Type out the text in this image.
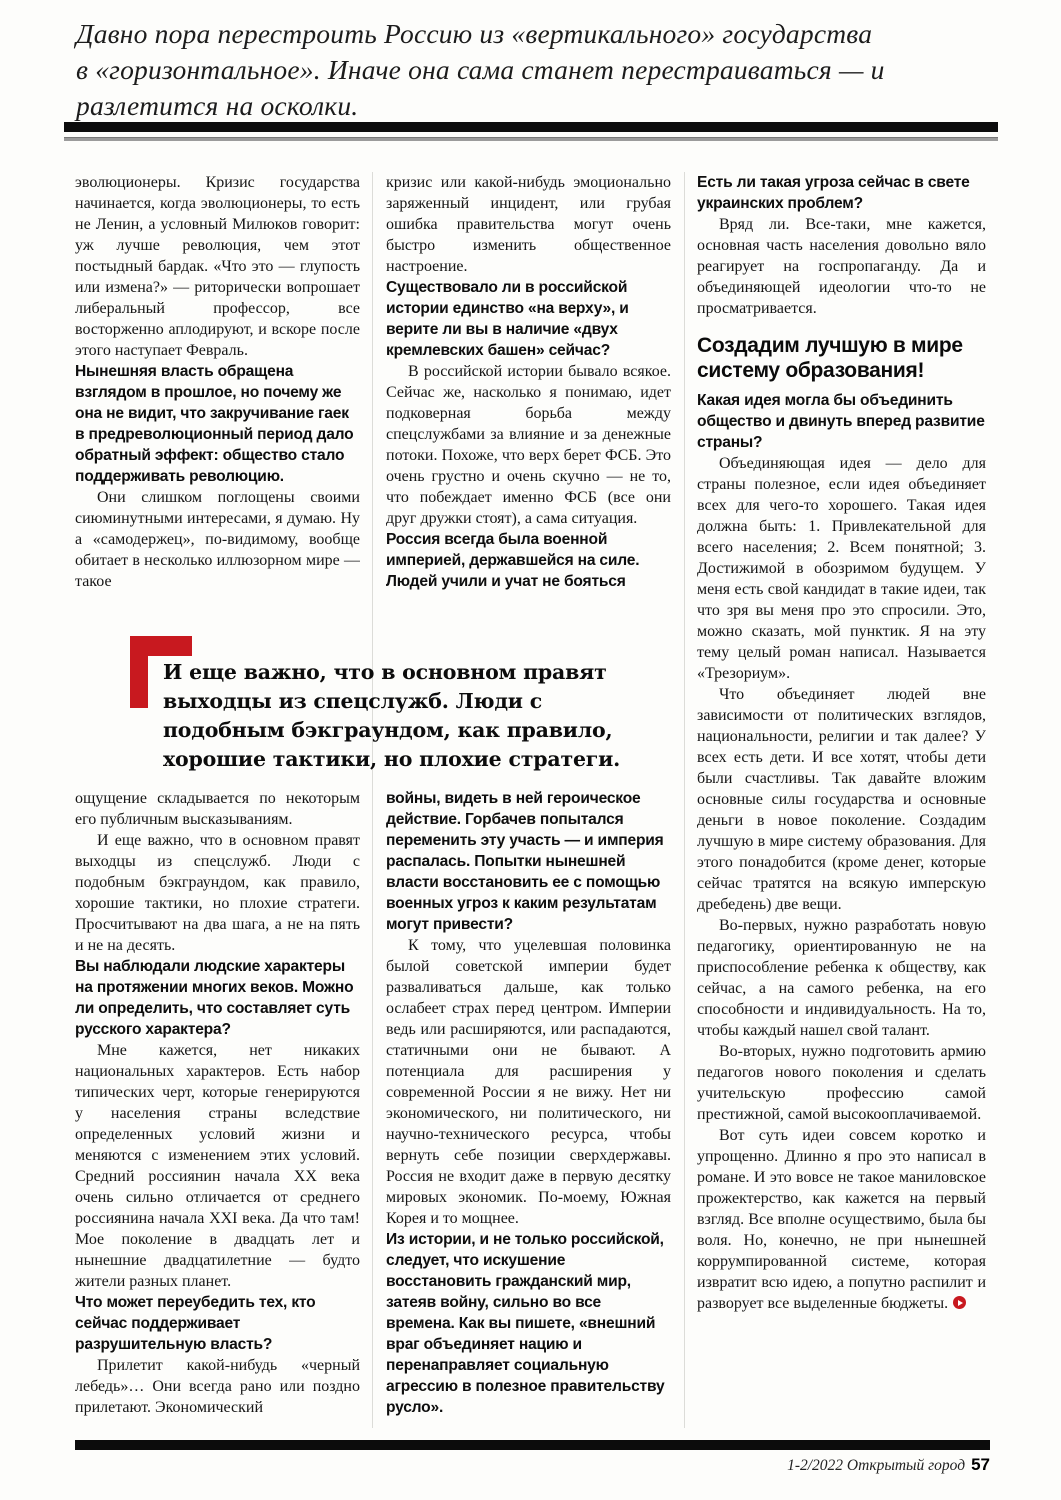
Давно пора перестроить Россию из «вертикального» государства
в «горизонтальное». Иначе она сама станет перестраиваться — и
разлетится на осколки.

эволюционеры. Кризис государства начинается, когда эволюционеры, то есть не Ленин, а условный Милюков говорит: уж лучше революция, чем этот постыдный бардак. «Что это — глупость или измена?» — риторически вопрошает либеральный профессор, все восторженно аплодируют, и вскоре после этого наступает Февраль.

Нынешняя власть обращена взглядом в прошлое, но почему же она не видит, что закручивание гаек в предреволюционный период дало обратный эффект: общество стало поддерживать революцию.

Они слишком поглощены своими сиюминутными интересами, я думаю. Ну а «самодержец», по-видимому, вообще обитает в несколько иллюзорном мире — такое

кризис или какой-нибудь эмоционально заряженный инцидент, или грубая ошибка правительства могут очень быстро изменить общественное настроение.

Существовало ли в российской истории единство «на верху», и верите ли вы в наличие «двух кремлевских башен» сейчас?

В российской истории бывало всякое. Сейчас же, насколько я понимаю, идет подковерная борьба между спецслужбами за влияние и за денежные потоки. Похоже, что верх берет ФСБ. Это очень грустно и очень скучно — не то, что побеждает именно ФСБ (все они друг дружки стоят), а сама ситуация.

Россия всегда была военной империей, державшейся на силе. Людей учили и учат не бояться

И еще важно, что в основном правят выходцы из спецслужб. Люди с подобным бэкграундом, как правило, хорошие тактики, но плохие стратеги.

ощущение складывается по некоторым его публичным высказываниям.

И еще важно, что в основном правят выходцы из спецслужб. Люди с подобным бэкграундом, как правило, хорошие тактики, но плохие стратеги. Просчитывают на два шага, а не на пять и не на десять.

Вы наблюдали людские характеры на протяжении многих веков. Можно ли определить, что составляет суть русского характера?

Мне кажется, нет никаких национальных характеров. Есть набор типических черт, которые генерируются у населения страны вследствие определенных условий жизни и меняются с изменением этих условий. Средний россиянин начала XX века очень сильно отличается от среднего россиянина начала XXI века. Да что там! Мое поколение в двадцать лет и нынешние двадцатилетние — будто жители разных планет.

Что может переубедить тех, кто сейчас поддерживает разрушительную власть?

Прилетит какой-нибудь «черный лебедь»… Они всегда рано или поздно прилетают. Экономический

войны, видеть в ней героическое действие. Горбачев попытался переменить эту участь — и империя распалась. Попытки нынешней власти восстановить ее с помощью военных угроз к каким результатам могут привести?

К тому, что уцелевшая половинка былой советской империи будет разваливаться дальше, как только ослабеет страх перед центром. Империи ведь или расширяются, или распадаются, статичными они не бывают. А потенциала для расширения у современной России я не вижу. Нет ни экономического, ни политического, ни научно-технического ресурса, чтобы вернуть себе позиции сверхдержавы. Россия не входит даже в первую десятку мировых экономик. По-моему, Южная Корея и то мощнее.

Из истории, и не только российской, следует, что искушение восстановить гражданский мир, затеяв войну, сильно во все времена. Как вы пишете, «внешний враг объединяет нацию и перенаправляет социальную агрессию в полезное правительству русло».

Есть ли такая угроза сейчас в свете украинских проблем?

Вряд ли. Все-таки, мне кажется, основная часть населения довольно вяло реагирует на госпропаганду. Да и объединяющей идеологии что-то не просматривается.

Создадим лучшую в мире систему образования!

Какая идея могла бы объединить общество и двинуть вперед развитие страны?

Объединяющая идея — дело для страны полезное, если идея объединяет всех для чего-то хорошего. Такая идея должна быть: 1. Привлекательной для всего населения; 2. Всем понятной; 3. Достижимой в обозримом будущем. У меня есть свой кандидат в такие идеи, так что зря вы меня про это спросили. Это, можно сказать, мой пунктик. Я на эту тему целый роман написал. Называется «Трезориум».

Что объединяет людей вне зависимости от политических взглядов, национальности, религии и так далее? У всех есть дети. И все хотят, чтобы дети были счастливы. Так давайте вложим основные силы государства и основные деньги в новое поколение. Создадим лучшую в мире систему образования. Для этого понадобится (кроме денег, которые сейчас тратятся на всякую имперскую дребедень) две вещи.

Во-первых, нужно разработать новую педагогику, ориентированную не на приспособление ребенка к обществу, как сейчас, а на самого ребенка, на его способности и индивидуальность. На то, чтобы каждый нашел свой талант.

Во-вторых, нужно подготовить армию педагогов нового поколения и сделать учительскую профессию самой престижной, самой высокооплачиваемой.

Вот суть идеи совсем коротко и упрощенно. Длинно я про это написал в романе. И это вовсе не такое маниловское прожектерство, как кажется на первый взгляд. Все вполне осуществимо, была бы воля. Но, конечно, не при нынешней коррумпированной системе, которая извратит всю идею, а попутно распилит и разворует все выделенные бюджеты.

1-2/2022 Открытый город 57
